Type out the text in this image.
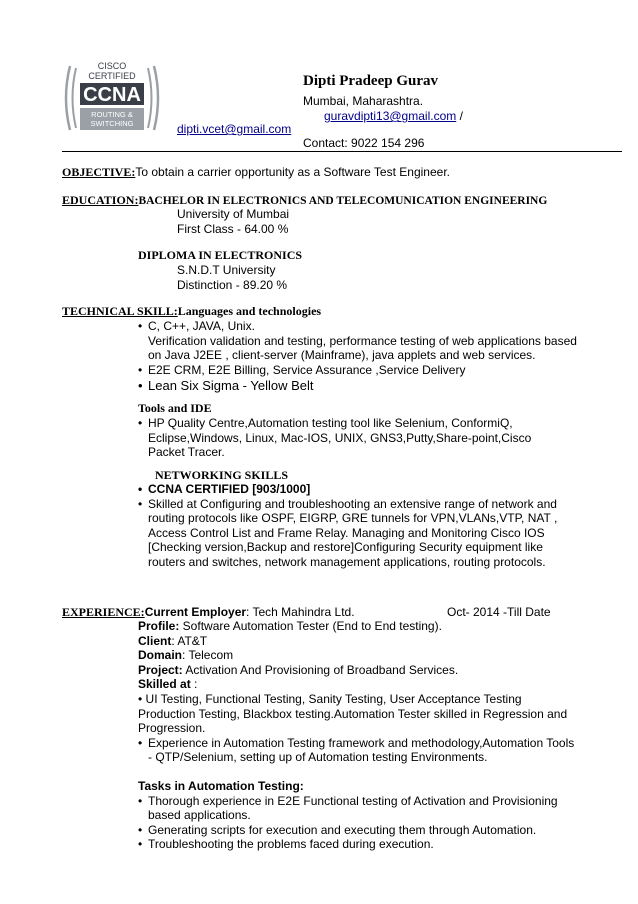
CISCO
CERTIFIED
CCNA
ROUTING &
SWITCHING
Dipti Pradeep Gurav
Mumbai, Maharashtra.
guravdipti13@gmail.com /
dipti.vcet@gmail.com
Contact: 9022 154 296
OBJECTIVE:To obtain a carrier opportunity as a Software Test Engineer.
EDUCATION:BACHELOR IN ELECTRONICS AND TELECOMUNICATION ENGINEERING
University of Mumbai
First Class - 64.00 %
DIPLOMA IN ELECTRONICS
S.N.D.T University
Distinction - 89.20 %
TECHNICAL SKILL:Languages and technologies
• C, C++, JAVA, Unix.
Verification validation and testing, performance testing of web applications based on Java J2EE , client-server (Mainframe), java applets and web services.
• E2E CRM, E2E Billing, Service Assurance ,Service Delivery
• Lean Six Sigma - Yellow Belt
Tools and IDE
• HP Quality Centre,Automation testing tool like Selenium, ConformiQ, Eclipse,Windows, Linux, Mac-IOS, UNIX, GNS3,Putty,Share-point,Cisco Packet Tracer.
NETWORKING SKILLS
• CCNA CERTIFIED [903/1000]
• Skilled at Configuring and troubleshooting an extensive range of network and routing protocols like OSPF, EIGRP, GRE tunnels for VPN,VLANs,VTP, NAT , Access Control List and Frame Relay. Managing and Monitoring Cisco IOS [Checking version,Backup and restore]Configuring Security equipment like routers and switches, network management applications, routing protocols.
EXPERIENCE:Current Employer: Tech Mahindra Ltd.	Oct- 2014 -Till Date
Profile: Software Automation Tester (End to End testing).
Client: AT&T
Domain: Telecom
Project: Activation And Provisioning of Broadband Services.
Skilled at :
• UI Testing, Functional Testing, Sanity Testing, User Acceptance Testing
Production Testing, Blackbox testing.Automation Tester skilled in Regression and Progression.
• Experience in Automation Testing framework and methodology,Automation Tools - QTP/Selenium, setting up of Automation testing Environments.
Tasks in Automation Testing:
• Thorough experience in E2E Functional testing of Activation and Provisioning based applications.
• Generating scripts for execution and executing them through Automation.
• Troubleshooting the problems faced during execution.
